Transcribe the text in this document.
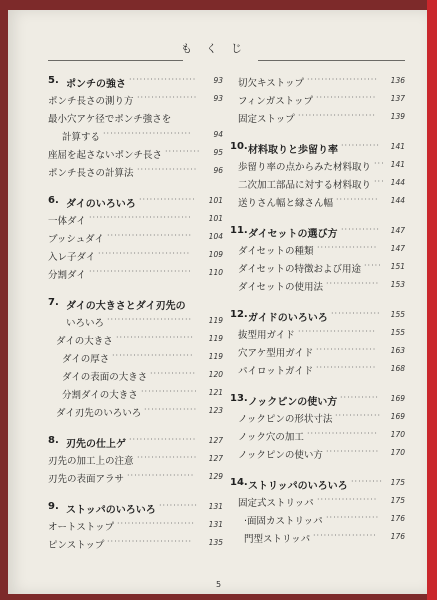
もくじ
5. ポンチの強さ ···················	93
ポンチ長さの測り方 ·················	93
最小穴アケ径でポンチ強さを
計算する ·························	94
座屈を起さないポンチ長さ ··········	95
ポンチ長さの計算法 ·················	96
6. ダイのいろいろ ················	101
一体ダイ ·····························	101
ブッシュダイ ························	104
入レ子ダイ ··························	109
分割ダイ ·····························	110
7. ダイの大きさとダイ刃先の
いろいろ ························	119
ダイの大きさ ······················	119
ダイの厚さ ·······················	119
ダイの表面の大きさ ·············	120
分割ダイの大きさ ················	121
ダイ刃先のいろいろ ···············	123
8. 刃先の仕上ゲ ···················	127
刃先の加工上の注意 ·················	127
刃先の表面アラサ ···················	129
9. ストッパのいろいろ ···········	131
オートストップ ······················	131
ピンストップ ························	135
切欠キストップ ····················	136
フィンガストップ ·················	137
固定ストップ ······················	139
10. 材料取りと歩留り率 ···········	141
歩留り率の点からみた材料取り ··· 141
二次加工部品に対する材料取り ··· 144
送りさん幅と縁さん幅 ············	144
11. ダイセットの選び方 ···········	147
ダイセットの種類 ·················	147
ダイセットの特徴および用途 ·····	151
ダイセットの使用法 ···············	153
12. ガイドのいろいろ ··············	155
抜型用ガイド ······················	155
穴アケ型用ガイド ·················	163
パイロットガイド ·················	168
13. ノックピンの使い方 ···········	169
ノックピンの形状寸法 ·············	169
ノック穴の加工 ····················	170
ノックピンの使い方 ···············	170
14. ストリッパのいろいろ ·········	175
固定式ストリッパ ·················	175
·面固カストリッパ ···············	176
門型ストリッパ ··················	176
5
